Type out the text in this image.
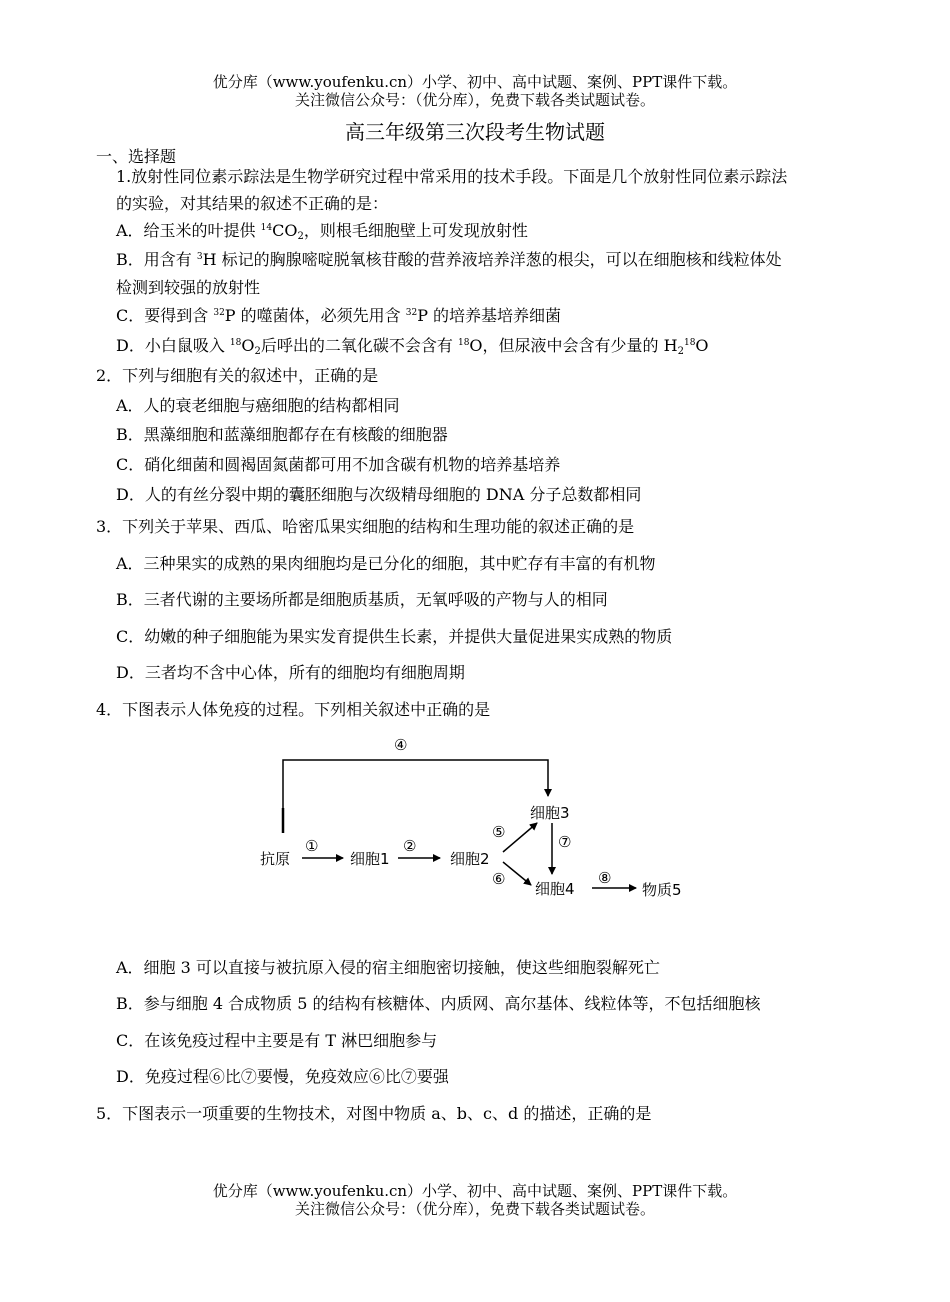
优分库（www.youfenku.cn）小学、初中、高中试题、案例、PPT课件下载。
关注微信公众号：（优分库），免费下载各类试题试卷。
高三年级第三次段考生物试题
一、选择题
1.放射性同位素示踪法是生物学研究过程中常采用的技术手段。下面是几个放射性同位素示踪法
的实验，对其结果的叙述不正确的是：
A．给玉米的叶提供 $^{14}CO_2$，则根毛细胞壁上可发现放射性
B．用含有 $^3$H 标记的胸腺嘧啶脱氧核苷酸的营养液培养洋葱的根尖，可以在细胞核和线粒体处
检测到较强的放射性
C．要得到含 $^{32}$P 的噬菌体，必须先用含 $^{32}$P 的培养基培养细菌
D．小白鼠吸入 $^{18}O_2$后呼出的二氧化碳不会含有 $^{18}$O，但尿液中会含有少量的 $H_2^{18}O$
2．下列与细胞有关的叙述中，正确的是
A．人的衰老细胞与癌细胞的结构都相同
B．黑藻细胞和蓝藻细胞都存在有核酸的细胞器
C．硝化细菌和圆褐固氮菌都可用不加含碳有机物的培养基培养
D．人的有丝分裂中期的囊胚细胞与次级精母细胞的 DNA 分子总数都相同
3．下列关于苹果、西瓜、哈密瓜果实细胞的结构和生理功能的叙述正确的是
A．三种果实的成熟的果肉细胞均是已分化的细胞，其中贮存有丰富的有机物
B．三者代谢的主要场所都是细胞质基质，无氧呼吸的产物与人的相同
C．幼嫩的种子细胞能为果实发育提供生长素，并提供大量促进果实成熟的物质
D．三者均不含中心体，所有的细胞均有细胞周期
4．下图表示人体免疫的过程。下列相关叙述中正确的是
抗原	细胞1	细胞2
细胞3
细胞4	物质5
④
①	②
⑤
⑥
⑦
⑧
A．细胞 3 可以直接与被抗原入侵的宿主细胞密切接触，使这些细胞裂解死亡
B．参与细胞 4 合成物质 5 的结构有核糖体、内质网、高尔基体、线粒体等，不包括细胞核
C．在该免疫过程中主要是有 T 淋巴细胞参与
D．免疫过程⑥比⑦要慢，免疫效应⑥比⑦要强
5．下图表示一项重要的生物技术，对图中物质 a、b、c、d 的描述，正确的是
优分库（www.youfenku.cn）小学、初中、高中试题、案例、PPT课件下载。
关注微信公众号：（优分库），免费下载各类试题试卷。
